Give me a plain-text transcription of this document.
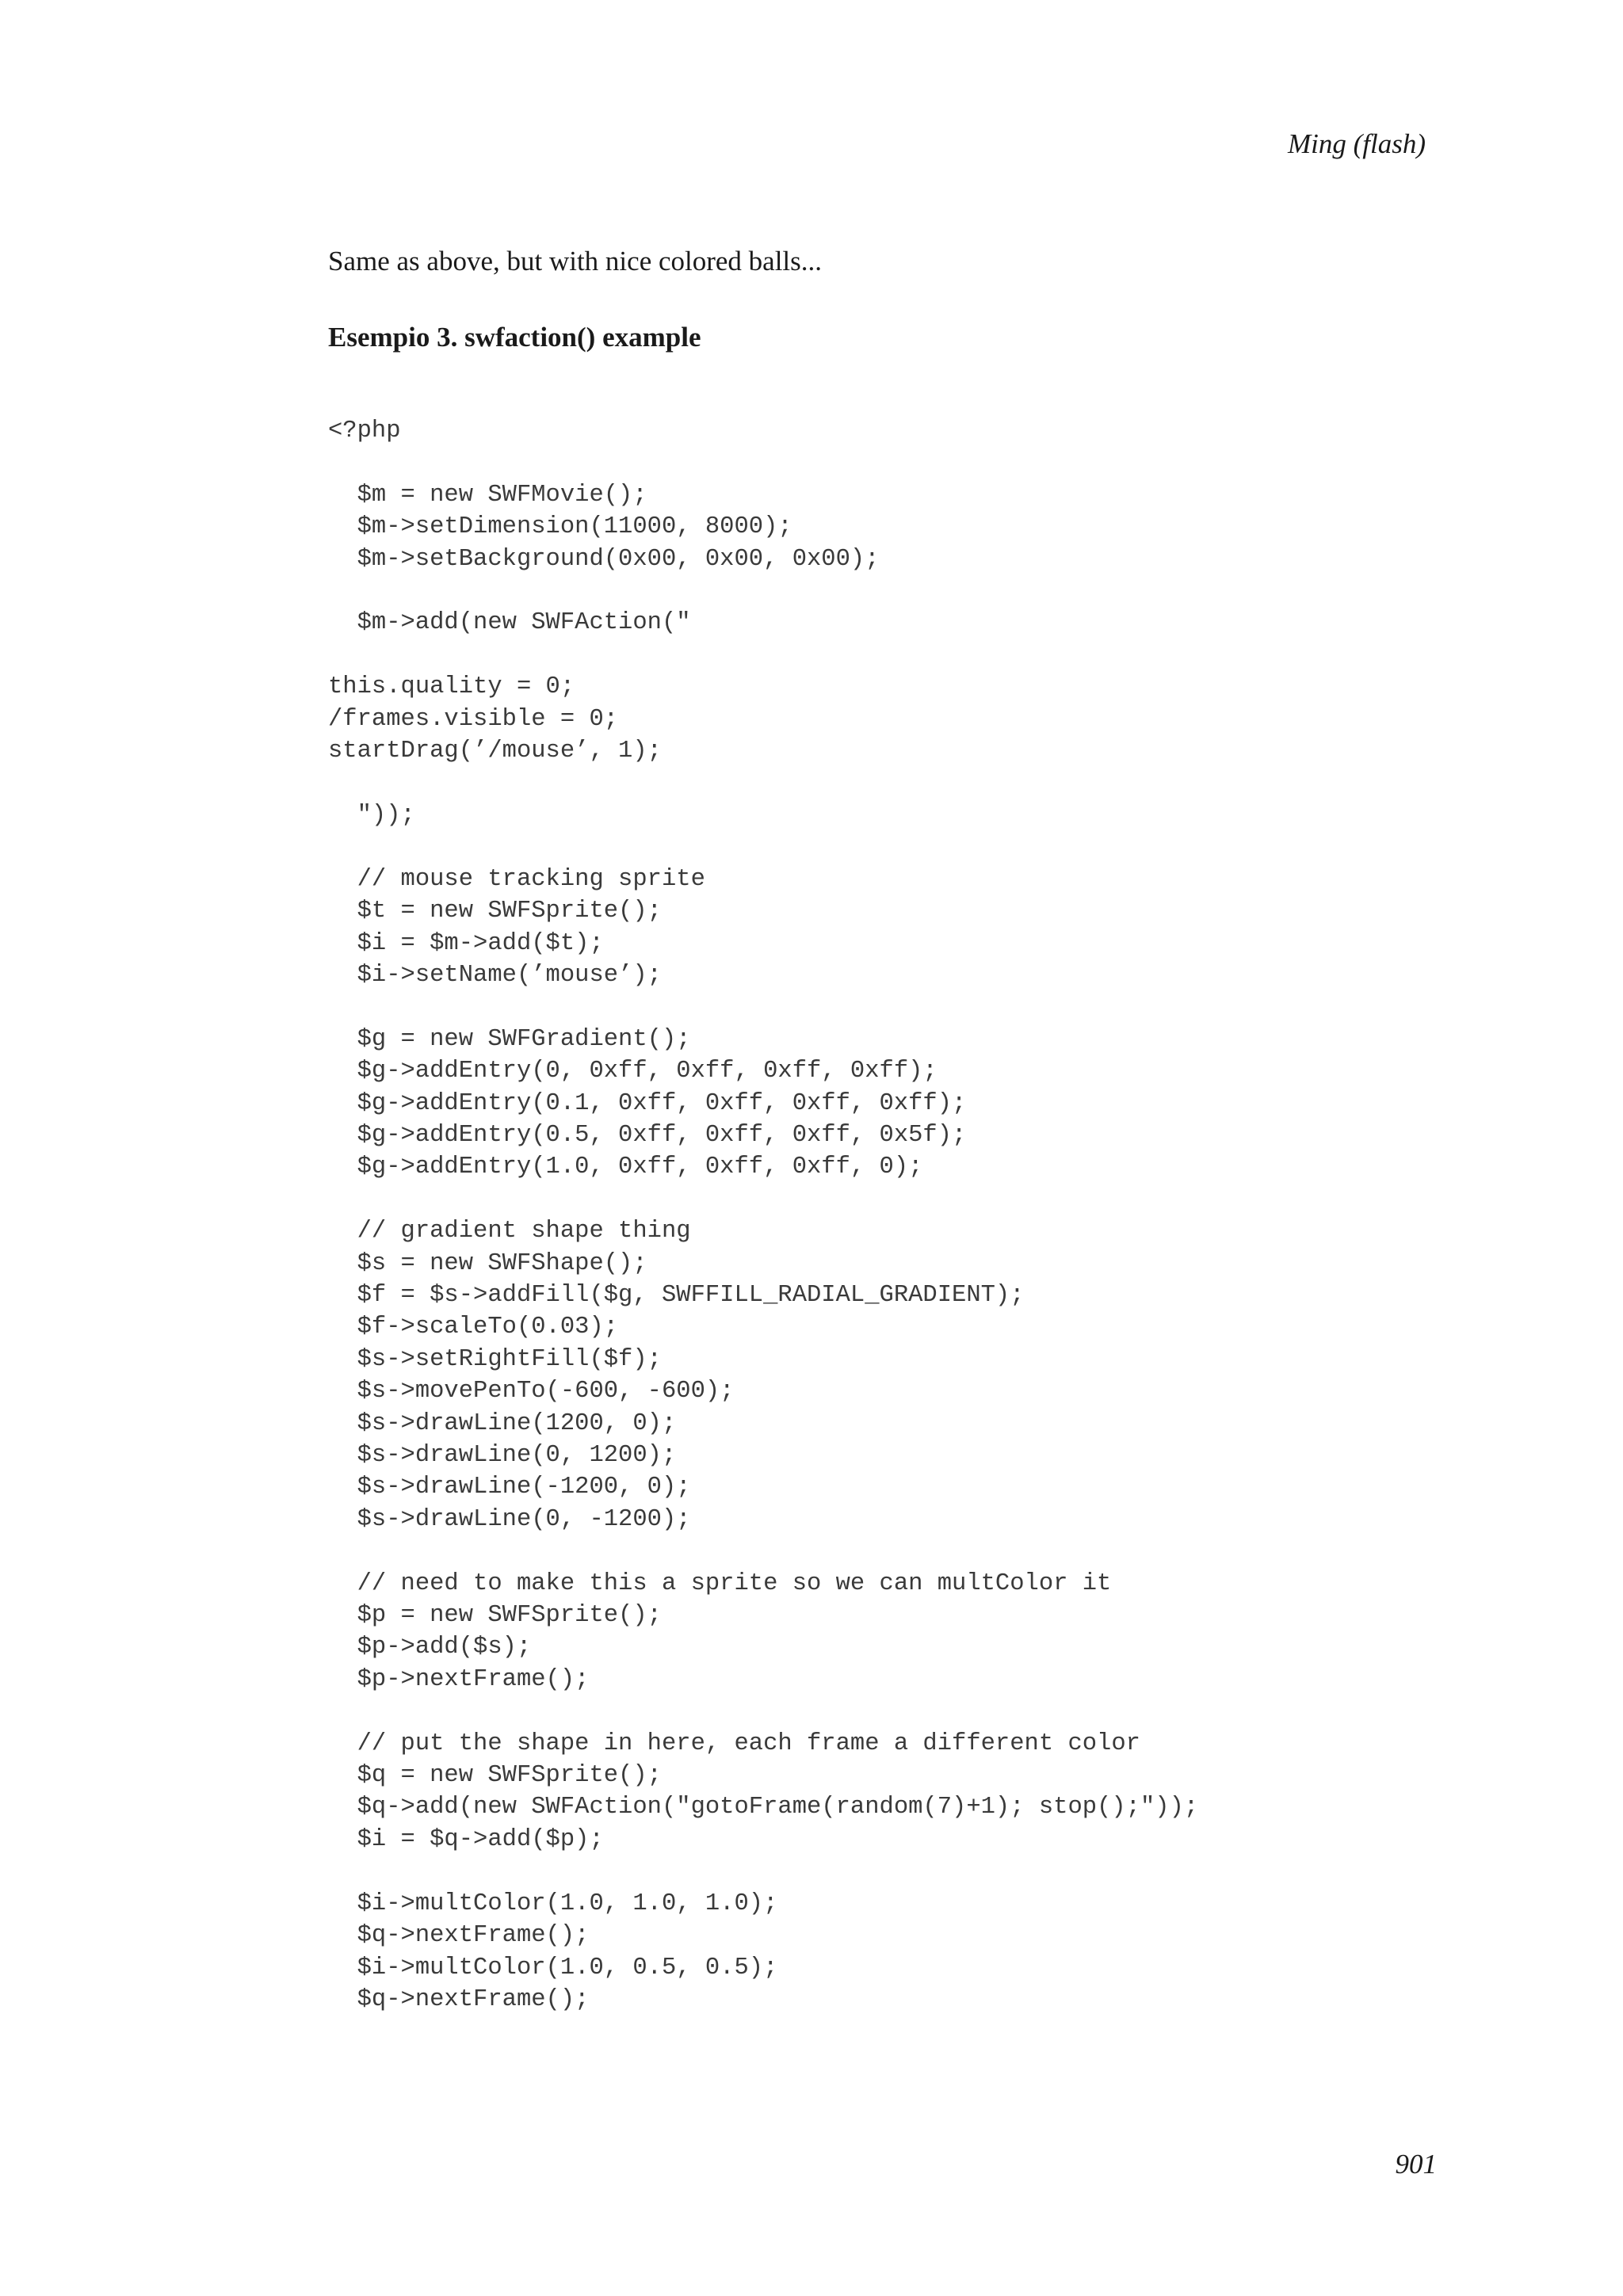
Ming (flash)
Same as above, but with nice colored balls...
Esempio 3. swfaction() example
<?php

$m = new SWFMovie();
$m->setDimension(11000, 8000);
$m->setBackground(0x00, 0x00, 0x00);

$m->add(new SWFAction("

this.quality = 0;
/frames.visible = 0;
startDrag(’/mouse’, 1);

"));

// mouse tracking sprite
$t = new SWFSprite();
$i = $m->add($t);
$i->setName(’mouse’);

$g = new SWFGradient();
$g->addEntry(0, 0xff, 0xff, 0xff, 0xff);
$g->addEntry(0.1, 0xff, 0xff, 0xff, 0xff);
$g->addEntry(0.5, 0xff, 0xff, 0xff, 0x5f);
$g->addEntry(1.0, 0xff, 0xff, 0xff, 0);

// gradient shape thing
$s = new SWFShape();
$f = $s->addFill($g, SWFFILL_RADIAL_GRADIENT);
$f->scaleTo(0.03);
$s->setRightFill($f);
$s->movePenTo(-600, -600);
$s->drawLine(1200, 0);
$s->drawLine(0, 1200);
$s->drawLine(-1200, 0);
$s->drawLine(0, -1200);

// need to make this a sprite so we can multColor it
$p = new SWFSprite();
$p->add($s);
$p->nextFrame();

// put the shape in here, each frame a different color
$q = new SWFSprite();
$q->add(new SWFAction("gotoFrame(random(7)+1); stop();"));
$i = $q->add($p);

$i->multColor(1.0, 1.0, 1.0);
$q->nextFrame();
$i->multColor(1.0, 0.5, 0.5);
$q->nextFrame();
901
